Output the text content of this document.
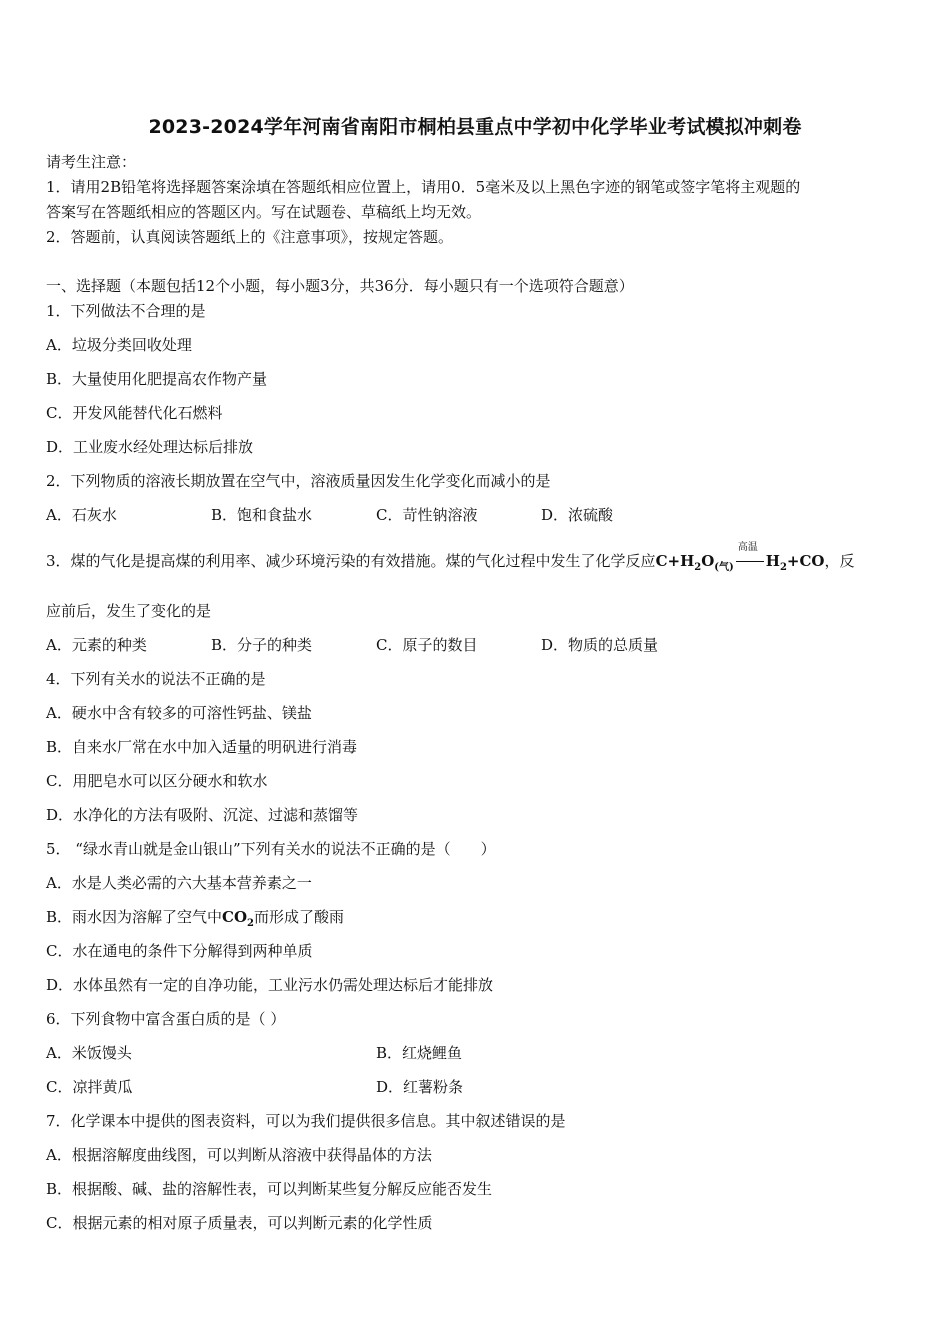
2023-2024学年河南省南阳市桐柏县重点中学初中化学毕业考试模拟冲刺卷
请考生注意：
1．请用2B铅笔将选择题答案涂填在答题纸相应位置上，请用0．5毫米及以上黑色字迹的钢笔或签字笔将主观题的
答案写在答题纸相应的答题区内。写在试题卷、草稿纸上均无效。
2．答题前，认真阅读答题纸上的《注意事项》，按规定答题。
一、选择题（本题包括12个小题，每小题3分，共36分．每小题只有一个选项符合题意）
1．下列做法不合理的是
A．垃圾分类回收处理
B．大量使用化肥提高农作物产量
C．开发风能替代化石燃料
D．工业废水经处理达标后排放
2．下列物质的溶液长期放置在空气中，溶液质量因发生化学变化而减小的是
A．石灰水	B．饱和食盐水	C．苛性钠溶液	D．浓硫酸
3．煤的气化是提高煤的利用率、减少环境污染的有效措施。煤的气化过程中发生了化学反应$C+H_2O_{(气)}$
高温
$H_2+CO$，反
应前后，发生了变化的是
A．元素的种类	B．分子的种类	C．原子的数目	D．物质的总质量
4．下列有关水的说法不正确的是
A．硬水中含有较多的可溶性钙盐、镁盐
B．自来水厂常在水中加入适量的明矾进行消毒
C．用肥皂水可以区分硬水和软水
D．水净化的方法有吸附、沉淀、过滤和蒸馏等
5． “绿水青山就是金山银山”下列有关水的说法不正确的是（　　）
A．水是人类必需的六大基本营养素之一
B．雨水因为溶解了空气中$CO_2$而形成了酸雨
C．水在通电的条件下分解得到两种单质
D．水体虽然有一定的自净功能，工业污水仍需处理达标后才能排放
6．下列食物中富含蛋白质的是（ ）
A．米饭馒头	B．红烧鲤鱼
C．凉拌黄瓜	D．红薯粉条
7．化学课本中提供的图表资料，可以为我们提供很多信息。其中叙述错误的是
A．根据溶解度曲线图，可以判断从溶液中获得晶体的方法
B．根据酸、碱、盐的溶解性表，可以判断某些复分解反应能否发生
C．根据元素的相对原子质量表，可以判断元素的化学性质
